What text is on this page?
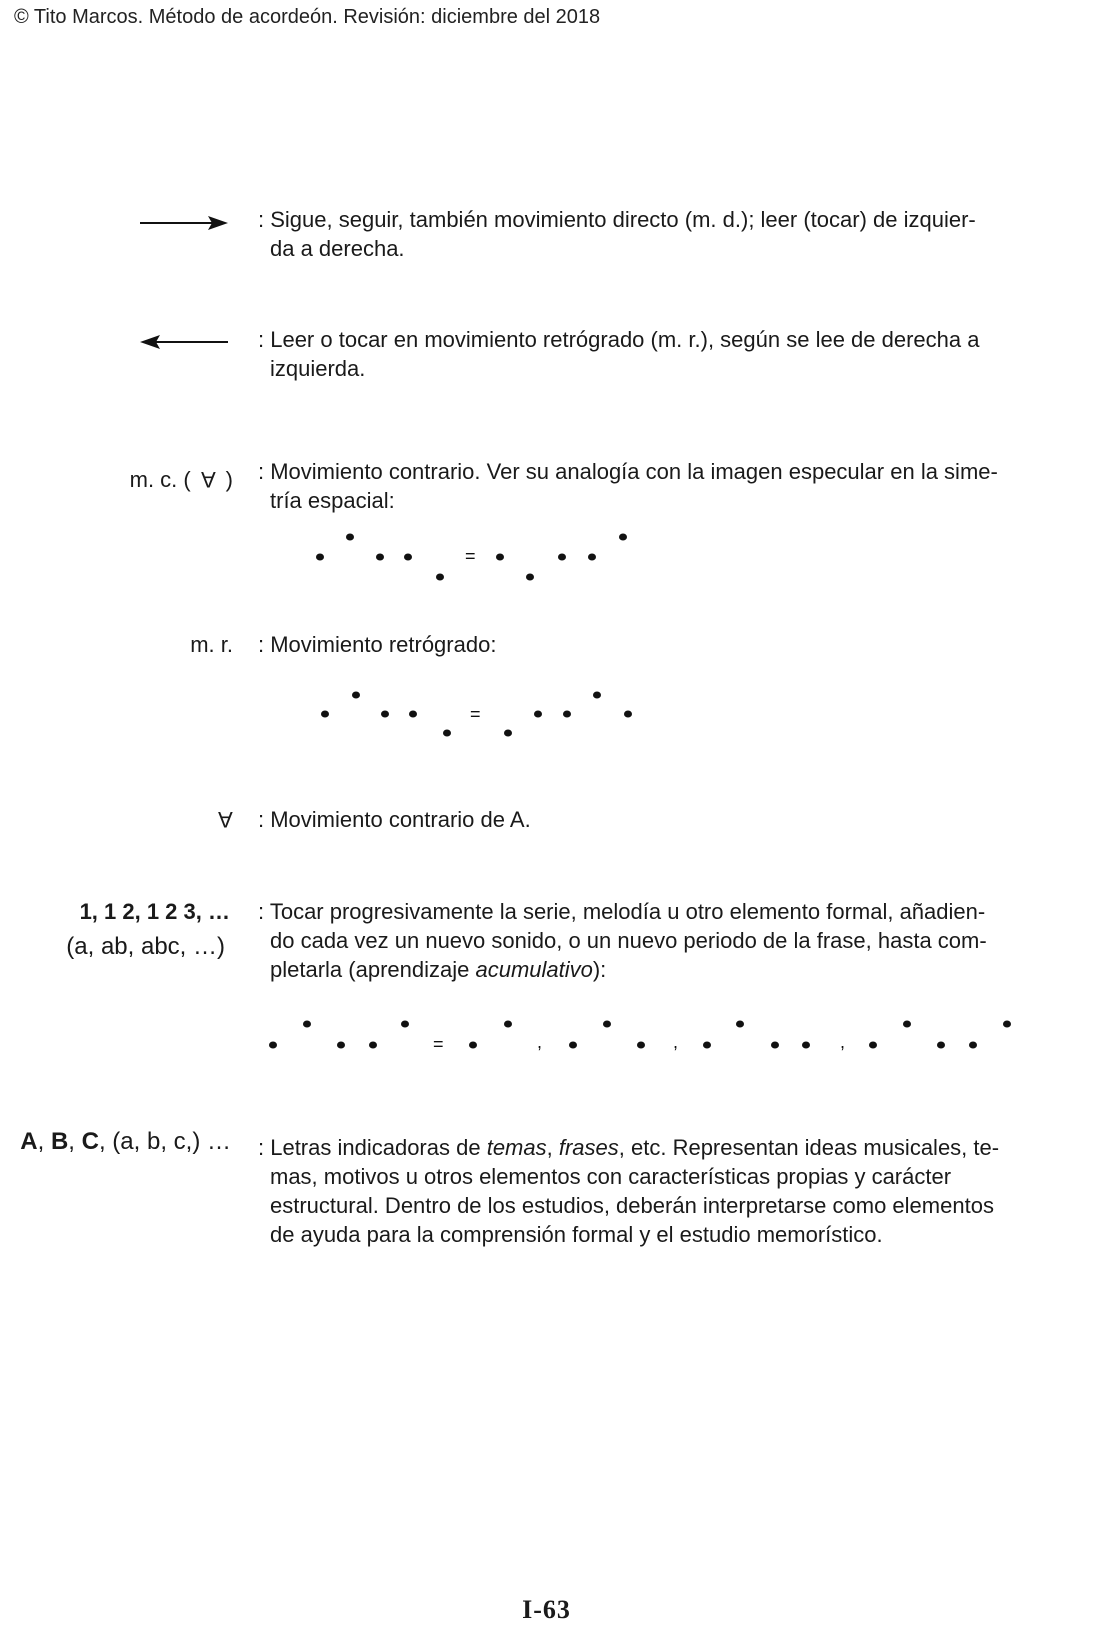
© Tito Marcos. Método de acordeón. Revisión: diciembre del 2018
: Sigue, seguir, también movimiento directo (m. d.); leer (tocar) de izquier-
da a derecha.
: Leer o tocar en movimiento retrógrado (m. r.), según se lee de derecha a
izquierda.
m. c. ( A ) : Movimiento contrario. Ver su analogía con la imagen especular en la sime-
tría espacial:
=
m. r. : Movimiento retrógrado:
=
A : Movimiento contrario de A.
1, 1 2, 1 2 3, …
(a, ab, abc, …)
: Tocar progresivamente la serie, melodía u otro elemento formal, añadien-
do cada vez un nuevo sonido, o un nuevo periodo de la frase, hasta com-
pletarla (aprendizaje acumulativo):
=	,	,	,
A, B, C, (a, b, c,) … : Letras indicadoras de temas, frases, etc. Representan ideas musicales, te-
mas, motivos u otros elementos con características propias y carácter
estructural. Dentro de los estudios, deberán interpretarse como elementos
de ayuda para la comprensión formal y el estudio memorístico.
I-63
